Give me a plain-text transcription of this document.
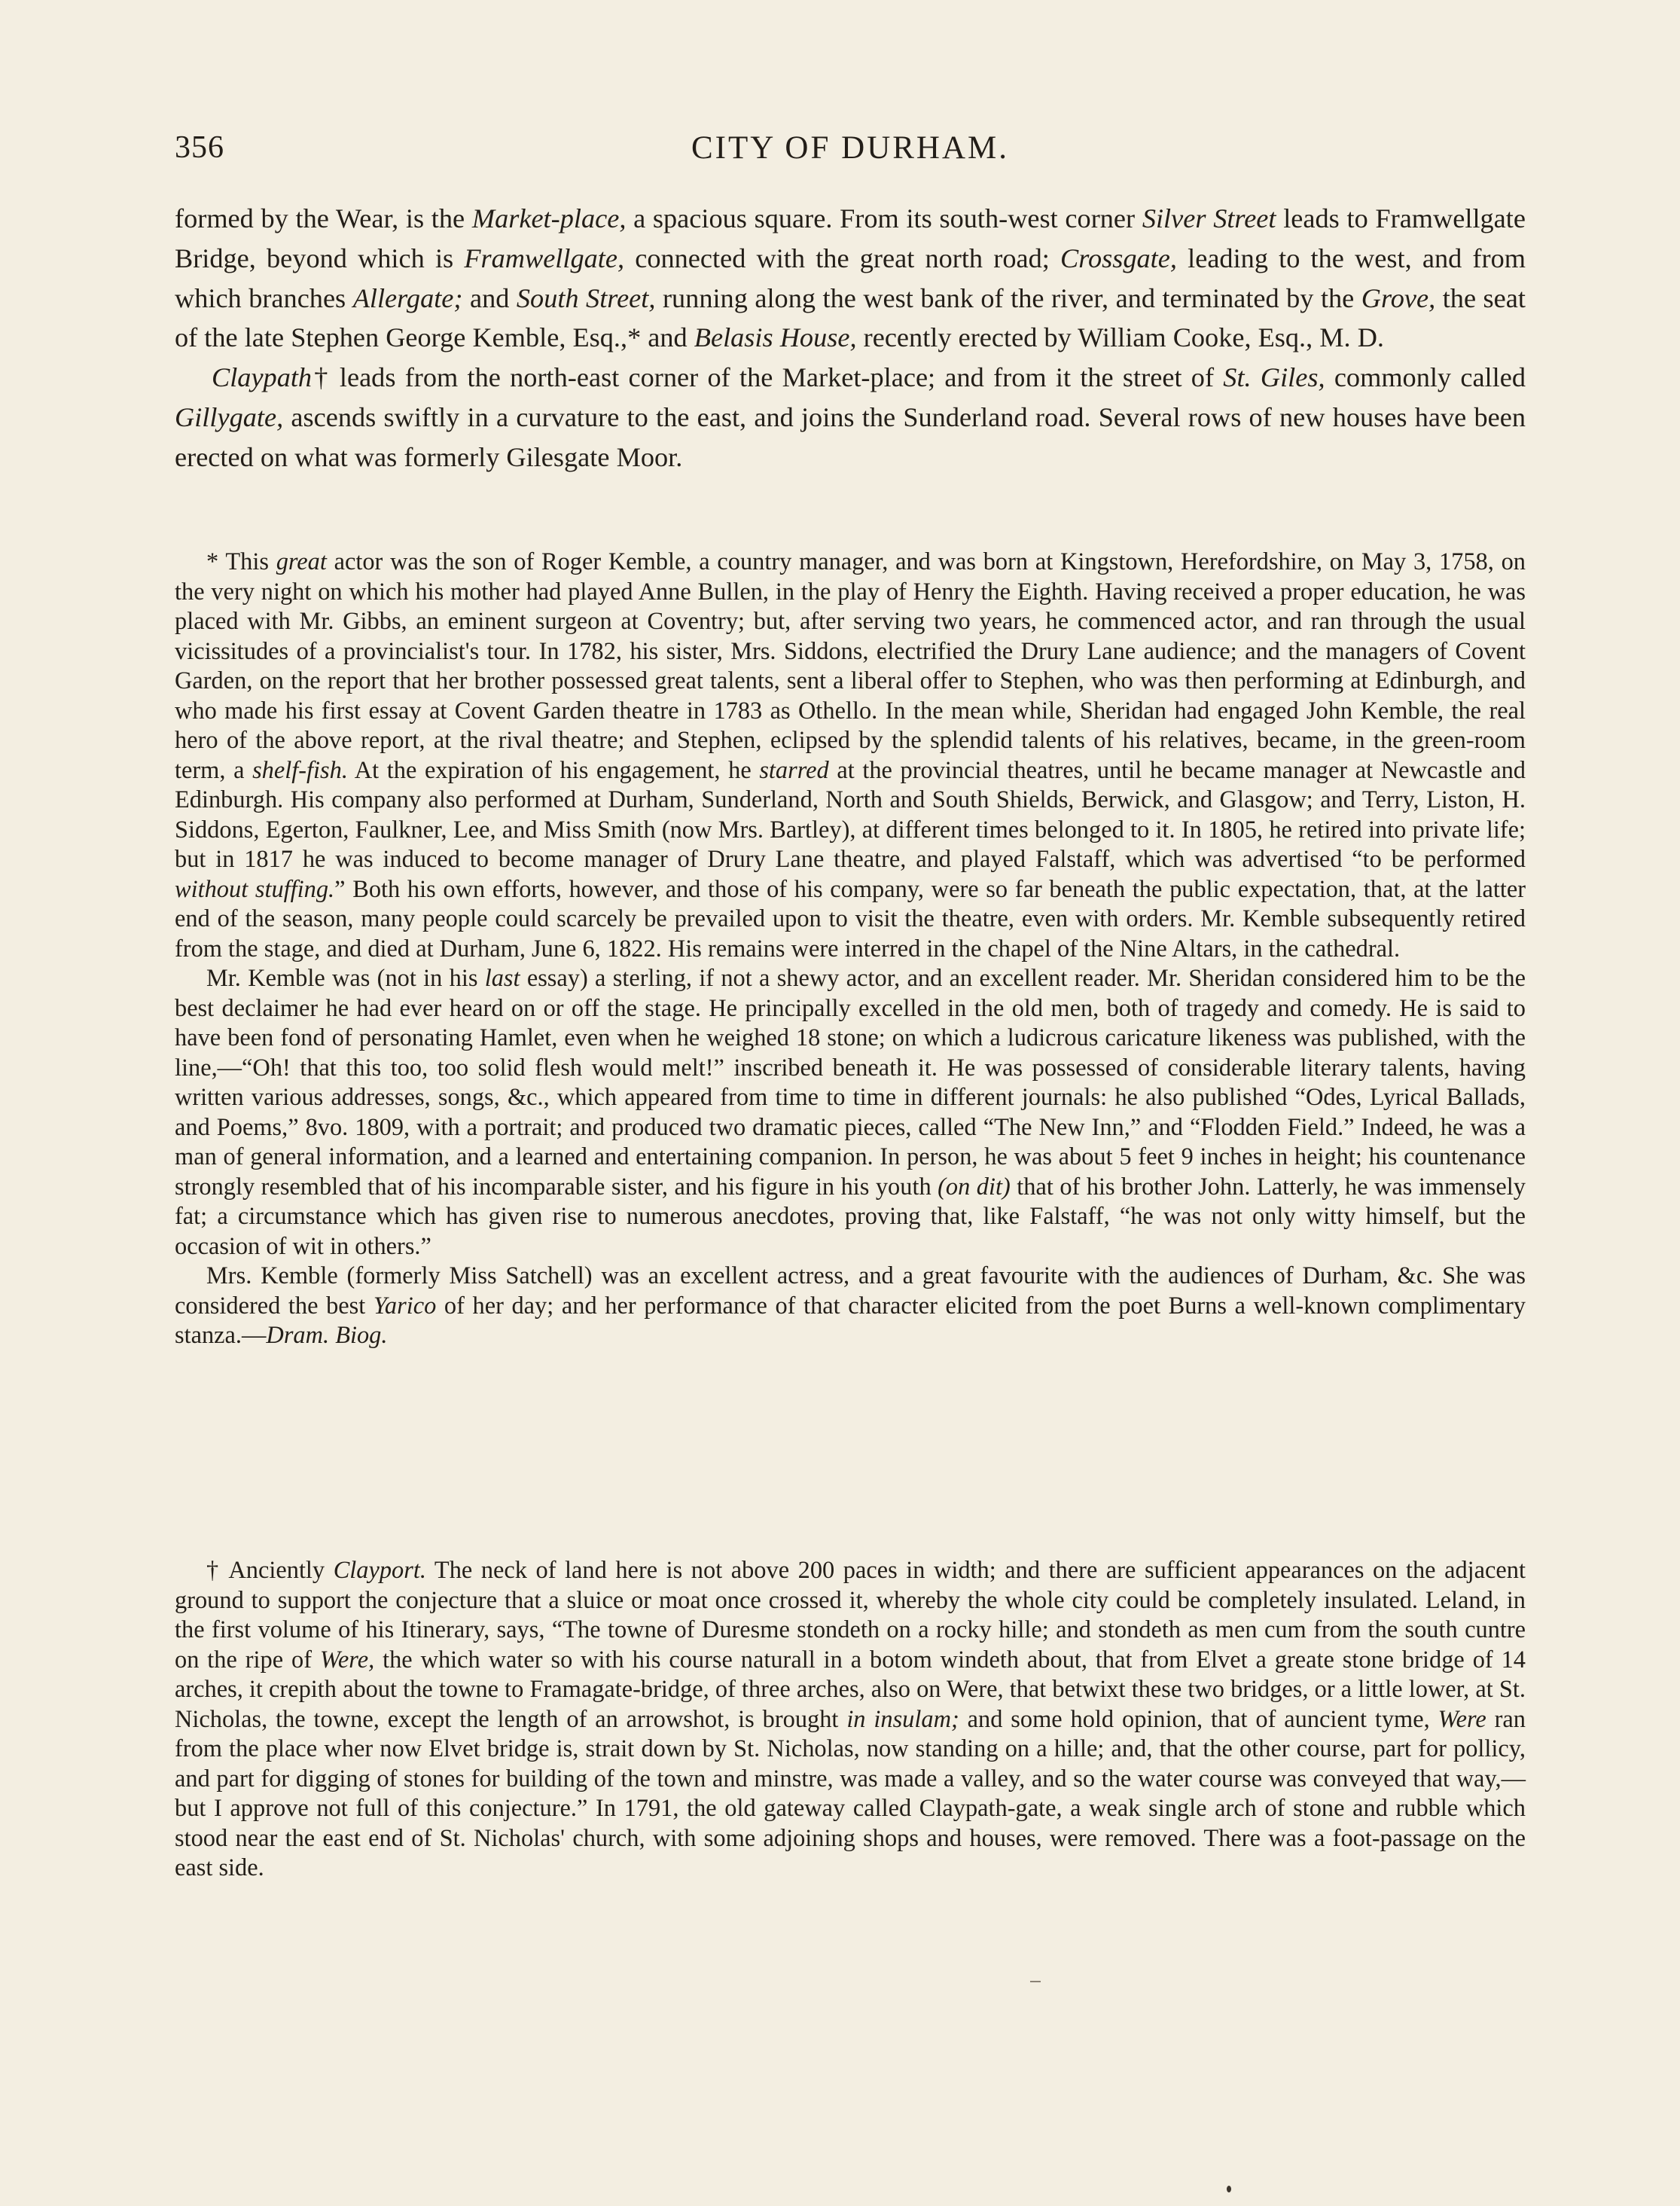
356	CITY OF DURHAM.

formed by the Wear, is the Market-place, a spacious square. From its south-west corner Silver Street leads to Framwellgate Bridge, beyond which is Framwellgate, connected with the great north road; Crossgate, leading to the west, and from which branches Allergate; and South Street, running along the west bank of the river, and terminated by the Grove, the seat of the late Stephen George Kemble, Esq.,* and Belasis House, recently erected by William Cooke, Esq., M. D.

Claypath† leads from the north-east corner of the Market-place; and from it the street of St. Giles, commonly called Gillygate, ascends swiftly in a curvature to the east, and joins the Sunderland road. Several rows of new houses have been erected on what was formerly Gilesgate Moor.

* This great actor was the son of Roger Kemble, a country manager, and was born at Kingstown, Herefordshire, on May 3, 1758, on the very night on which his mother had played Anne Bullen, in the play of Henry the Eighth. Having received a proper education, he was placed with Mr. Gibbs, an eminent surgeon at Coventry; but, after serving two years, he commenced actor, and ran through the usual vicissitudes of a provincialist's tour. In 1782, his sister, Mrs. Siddons, electrified the Drury Lane audience; and the managers of Covent Garden, on the report that her brother possessed great talents, sent a liberal offer to Stephen, who was then performing at Edinburgh, and who made his first essay at Covent Garden theatre in 1783 as Othello. In the mean while, Sheridan had engaged John Kemble, the real hero of the above report, at the rival theatre; and Stephen, eclipsed by the splendid talents of his relatives, became, in the green-room term, a shelf-fish. At the expiration of his engagement, he starred at the provincial theatres, until he became manager at Newcastle and Edinburgh. His company also performed at Durham, Sunderland, North and South Shields, Berwick, and Glasgow; and Terry, Liston, H. Siddons, Egerton, Faulkner, Lee, and Miss Smith (now Mrs. Bartley), at different times belonged to it. In 1805, he retired into private life; but in 1817 he was induced to become manager of Drury Lane theatre, and played Falstaff, which was advertised “to be performed without stuffing.” Both his own efforts, however, and those of his company, were so far beneath the public expectation, that, at the latter end of the season, many people could scarcely be prevailed upon to visit the theatre, even with orders. Mr. Kemble subsequently retired from the stage, and died at Durham, June 6, 1822. His remains were interred in the chapel of the Nine Altars, in the cathedral.

Mr. Kemble was (not in his last essay) a sterling, if not a shewy actor, and an excellent reader. Mr. Sheridan considered him to be the best declaimer he had ever heard on or off the stage. He principally excelled in the old men, both of tragedy and comedy. He is said to have been fond of personating Hamlet, even when he weighed 18 stone; on which a ludicrous caricature likeness was published, with the line,—“Oh! that this too, too solid flesh would melt!” inscribed beneath it. He was possessed of considerable literary talents, having written various addresses, songs, &c., which appeared from time to time in different journals: he also published “Odes, Lyrical Ballads, and Poems,” 8vo. 1809, with a portrait; and produced two dramatic pieces, called “The New Inn,” and “Flodden Field.” Indeed, he was a man of general information, and a learned and entertaining companion. In person, he was about 5 feet 9 inches in height; his countenance strongly resembled that of his incomparable sister, and his figure in his youth (on dit) that of his brother John. Latterly, he was immensely fat; a circumstance which has given rise to numerous anecdotes, proving that, like Falstaff, “he was not only witty himself, but the occasion of wit in others.”

Mrs. Kemble (formerly Miss Satchell) was an excellent actress, and a great favourite with the audiences of Durham, &c. She was considered the best Yarico of her day; and her performance of that character elicited from the poet Burns a well-known complimentary stanza.—Dram. Biog.

† Anciently Clayport. The neck of land here is not above 200 paces in width; and there are sufficient appearances on the adjacent ground to support the conjecture that a sluice or moat once crossed it, whereby the whole city could be completely insulated. Leland, in the first volume of his Itinerary, says, “The towne of Duresme stondeth on a rocky hille; and stondeth as men cum from the south cuntre on the ripe of Were, the which water so with his course naturall in a botom windeth about, that from Elvet a greate stone bridge of 14 arches, it crepith about the towne to Framagate-bridge, of three arches, also on Were, that betwixt these two bridges, or a little lower, at St. Nicholas, the towne, except the length of an arrowshot, is brought in insulam; and some hold opinion, that of auncient tyme, Were ran from the place wher now Elvet bridge is, strait down by St. Nicholas, now standing on a hille; and, that the other course, part for pollicy, and part for digging of stones for building of the town and minstre, was made a valley, and so the water course was conveyed that way,—but I approve not full of this conjecture.” In 1791, the old gateway called Claypath-gate, a weak single arch of stone and rubble which stood near the east end of St. Nicholas' church, with some adjoining shops and houses, were removed. There was a foot-passage on the east side.
